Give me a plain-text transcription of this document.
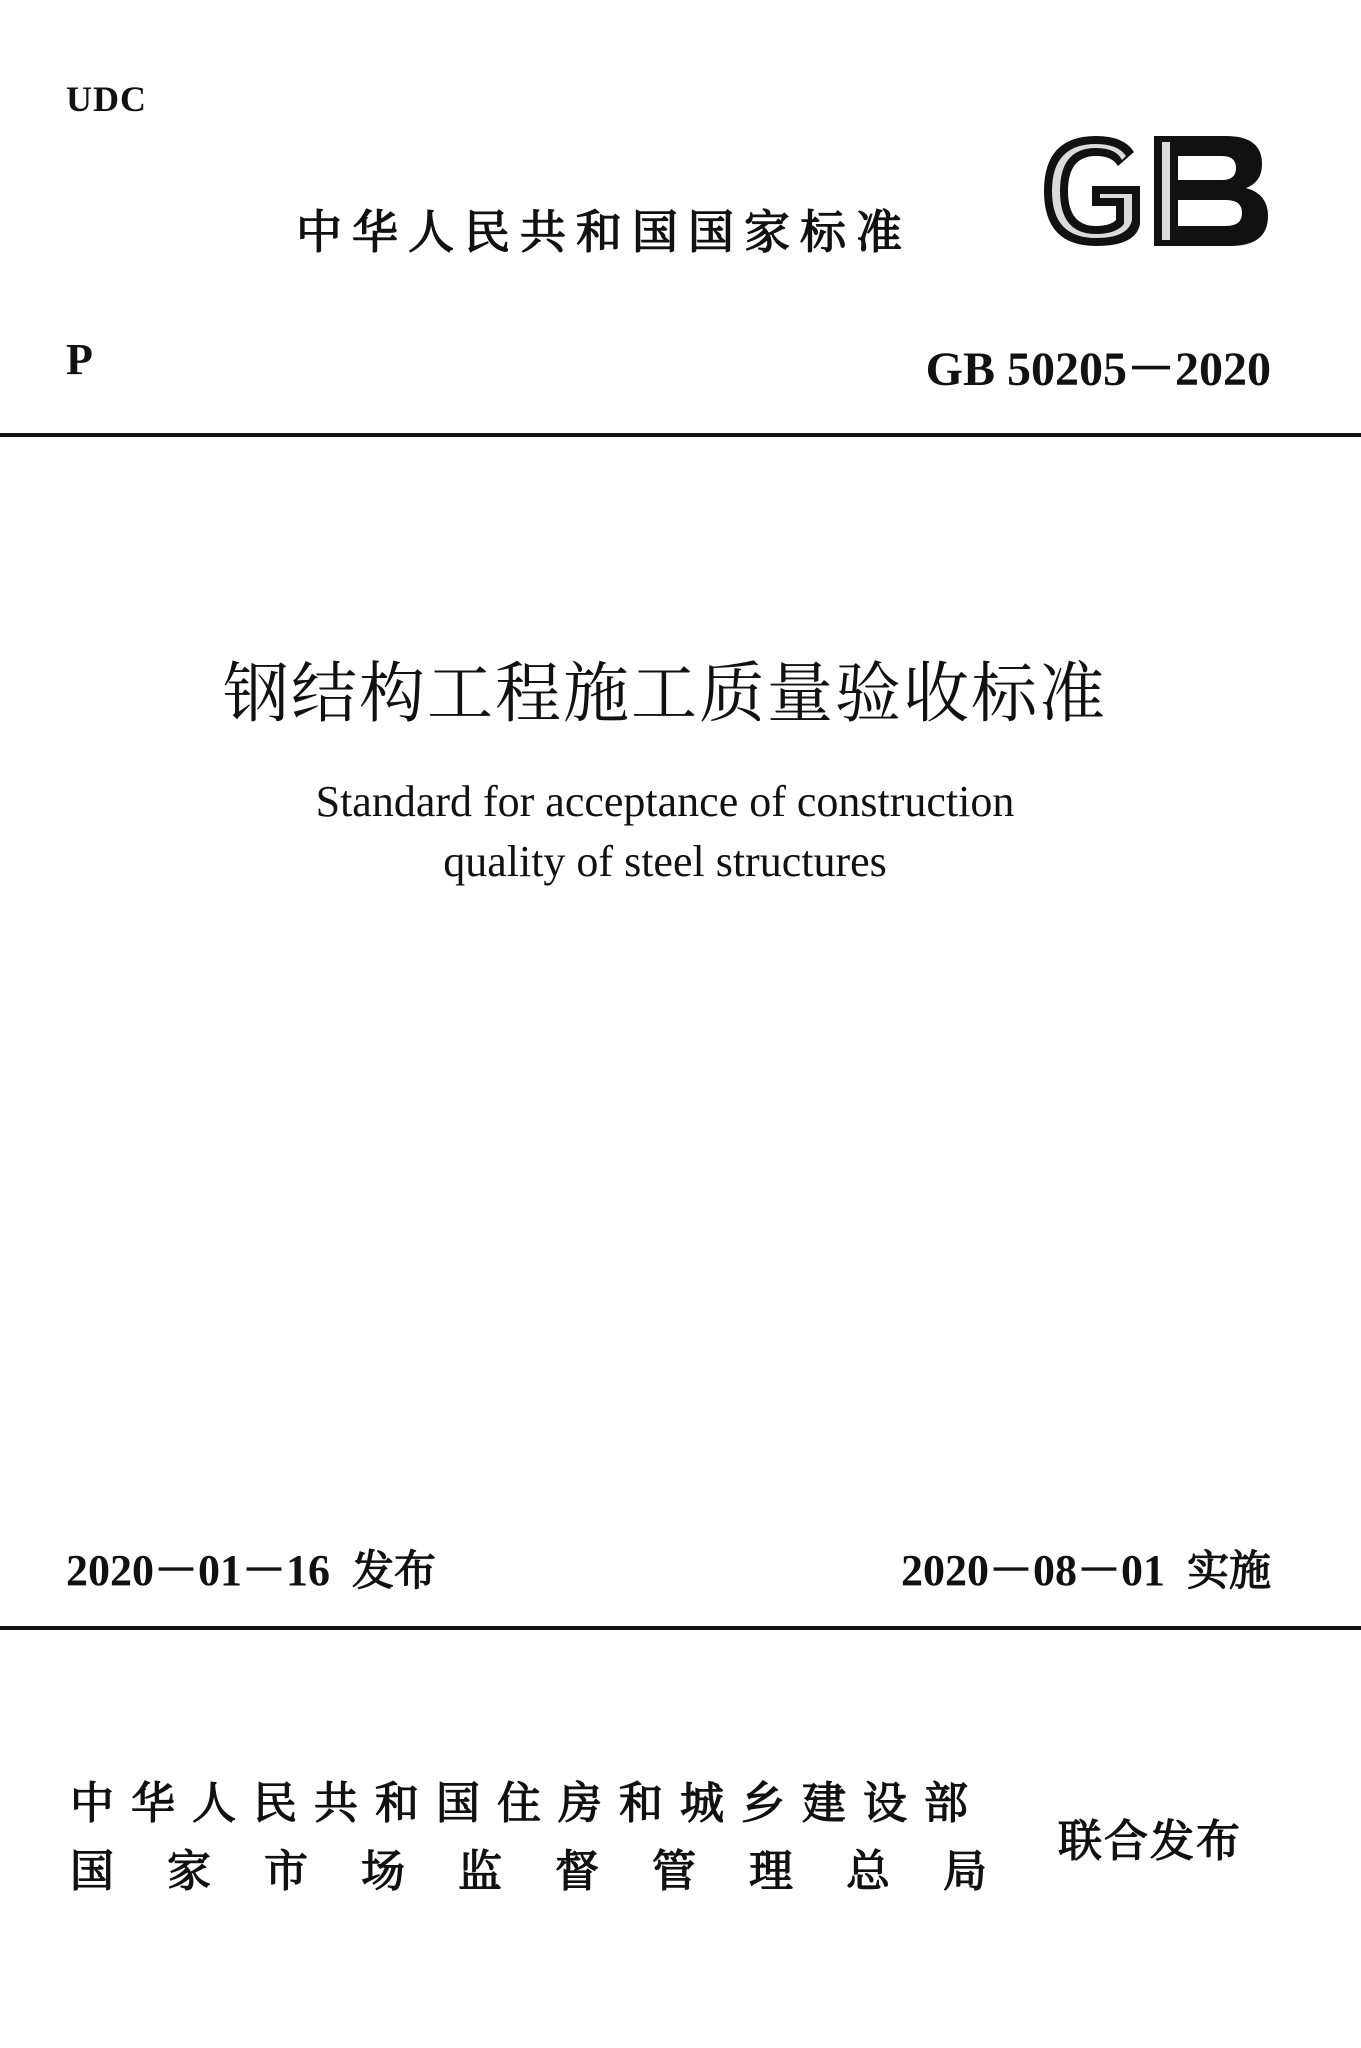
UDC
中华人民共和国国家标准
P	GB 50205－2020
钢结构工程施工质量验收标准
Standard for acceptance of construction
quality of steel structures
2020－01－16 发布	2020－08－01 实施
中华人民共和国住房和城乡建设部
国家市场监督管理总局
联合发布
